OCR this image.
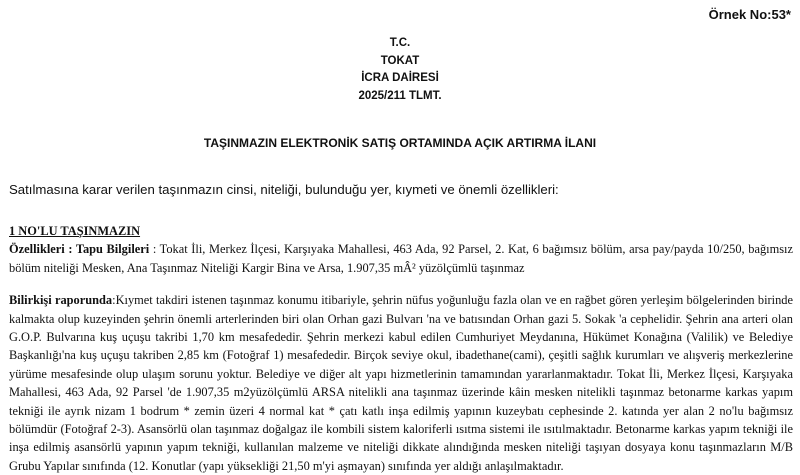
Örnek No:53*
T.C.
TOKAT
İCRA DAİRESİ
2025/211 TLMT.
TAŞINMAZIN ELEKTRONİK SATIŞ ORTAMINDA AÇIK ARTIRMA İLANI
Satılmasına karar verilen taşınmazın cinsi, niteliği, bulunduğu yer, kıymeti ve önemli özellikleri:
1 NO'LU TAŞINMAZIN

Özellikleri : Tapu Bilgileri : Tokat İli, Merkez İlçesi, Karşıyaka Mahallesi, 463 Ada, 92 Parsel, 2. Kat, 6 bağımsız bölüm, arsa pay/payda 10/250, bağımsız bölüm niteliği Mesken, Ana Taşınmaz Niteliği Kargir Bina ve Arsa, 1.907,35 mÂ² yüzölçümlü taşınmaz

Bilirkişi raporunda:Kıymet takdiri istenen taşınmaz konumu itibariyle, şehrin nüfus yoğunluğu fazla olan ve en rağbet gören yerleşim bölgelerinden birinde kalmakta olup kuzeyinden şehrin önemli arterlerinden biri olan Orhan gazi Bulvarı 'na ve batısından Orhan gazi 5. Sokak 'a cephelidir. Şehrin ana arteri olan G.O.P. Bulvarına kuş uçuşu takribi 1,70 km mesafededir. Şehrin merkezi kabul edilen Cumhuriyet Meydanına, Hükümet Konağına (Valilik) ve Belediye Başkanlığı'na kuş uçuşu takriben 2,85 km (Fotoğraf 1) mesafededir. Birçok seviye okul, ibadethane(cami), çeşitli sağlık kurumları ve alışveriş merkezlerine yürüme mesafesinde olup ulaşım sorunu yoktur. Belediye ve diğer alt yapı hizmetlerinin tamamından yararlanmaktadır. Tokat İli, Merkez İlçesi, Karşıyaka Mahallesi, 463 Ada, 92 Parsel 'de 1.907,35 m2yüzölçümlü ARSA nitelikli ana taşınmaz üzerinde kâin mesken nitelikli taşınmaz betonarme karkas yapım tekniği ile ayrık nizam 1 bodrum * zemin üzeri 4 normal kat * çatı katlı inşa edilmiş yapının kuzeybatı cephesinde 2. katında yer alan 2 no'lu bağımsız bölümdür (Fotoğraf 2-3). Asansörlü olan taşınmaz doğalgaz ile kombili sistem kaloriferli ısıtma sistemi ile ısıtılmaktadır. Betonarme karkas yapım tekniği ile inşa edilmiş asansörlü yapının yapım tekniği, kullanılan malzeme ve niteliği dikkate alındığında mesken niteliği taşıyan dosyaya konu taşınmazların M/B Grubu Yapılar sınıfında (12. Konutlar (yapı yüksekliği 21,50 m'yi aşmayan) sınıfında yer aldığı anlaşılmaktadır.
